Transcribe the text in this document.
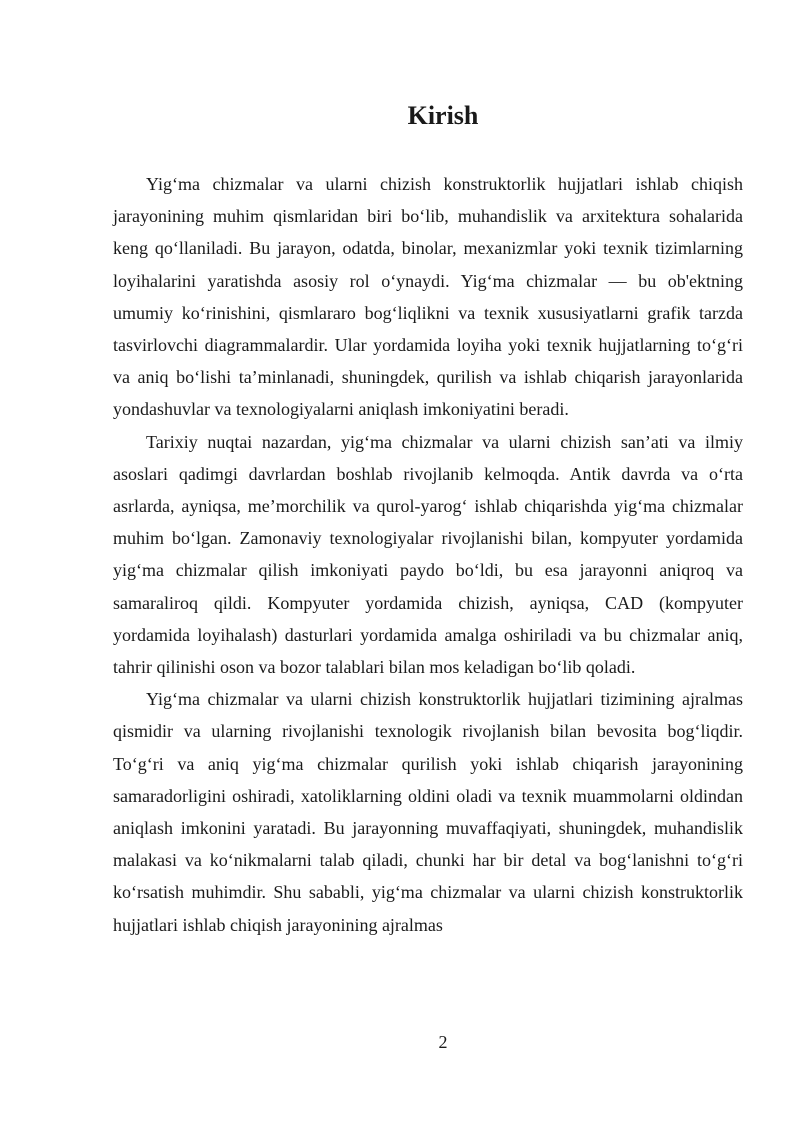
Kirish

Yig‘ma chizmalar va ularni chizish konstruktorlik hujjatlari ishlab chiqish jarayonining muhim qismlaridan biri bo‘lib, muhandislik va arxitektura sohalarida keng qo‘llaniladi. Bu jarayon, odatda, binolar, mexanizmlar yoki texnik tizimlarning loyihalarini yaratishda asosiy rol o‘ynaydi. Yig‘ma chizmalar — bu ob'ektning umumiy ko‘rinishini, qismlararo bog‘liqlikni va texnik xususiyatlarni grafik tarzda tasvirlovchi diagrammalardir. Ular yordamida loyiha yoki texnik hujjatlarning to‘g‘ri va aniq bo‘lishi ta’minlanadi, shuningdek, qurilish va ishlab chiqarish jarayonlarida yondashuvlar va texnologiyalarni aniqlash imkoniyatini beradi.

Tarixiy nuqtai nazardan, yig‘ma chizmalar va ularni chizish san’ati va ilmiy asoslari qadimgi davrlardan boshlab rivojlanib kelmoqda. Antik davrda va o‘rta asrlarda, ayniqsa, me’morchilik va qurol-yarog‘ ishlab chiqarishda yig‘ma chizmalar muhim bo‘lgan. Zamonaviy texnologiyalar rivojlanishi bilan, kompyuter yordamida yig‘ma chizmalar qilish imkoniyati paydo bo‘ldi, bu esa jarayonni aniqroq va samaraliroq qildi. Kompyuter yordamida chizish, ayniqsa, CAD (kompyuter yordamida loyihalash) dasturlari yordamida amalga oshiriladi va bu chizmalar aniq, tahrir qilinishi oson va bozor talablari bilan mos keladigan bo‘lib qoladi.

Yig‘ma chizmalar va ularni chizish konstruktorlik hujjatlari tizimining ajralmas qismidir va ularning rivojlanishi texnologik rivojlanish bilan bevosita bog‘liqdir. To‘g‘ri va aniq yig‘ma chizmalar qurilish yoki ishlab chiqarish jarayonining samaradorligini oshiradi, xatoliklarning oldini oladi va texnik muammolarni oldindan aniqlash imkonini yaratadi. Bu jarayonning muvaffaqiyati, shuningdek, muhandislik malakasi va ko‘nikmalarni talab qiladi, chunki har bir detal va bog‘lanishni to‘g‘ri ko‘rsatish muhimdir. Shu sababli, yig‘ma chizmalar va ularni chizish konstruktorlik hujjatlari ishlab chiqish jarayonining ajralmas

2
